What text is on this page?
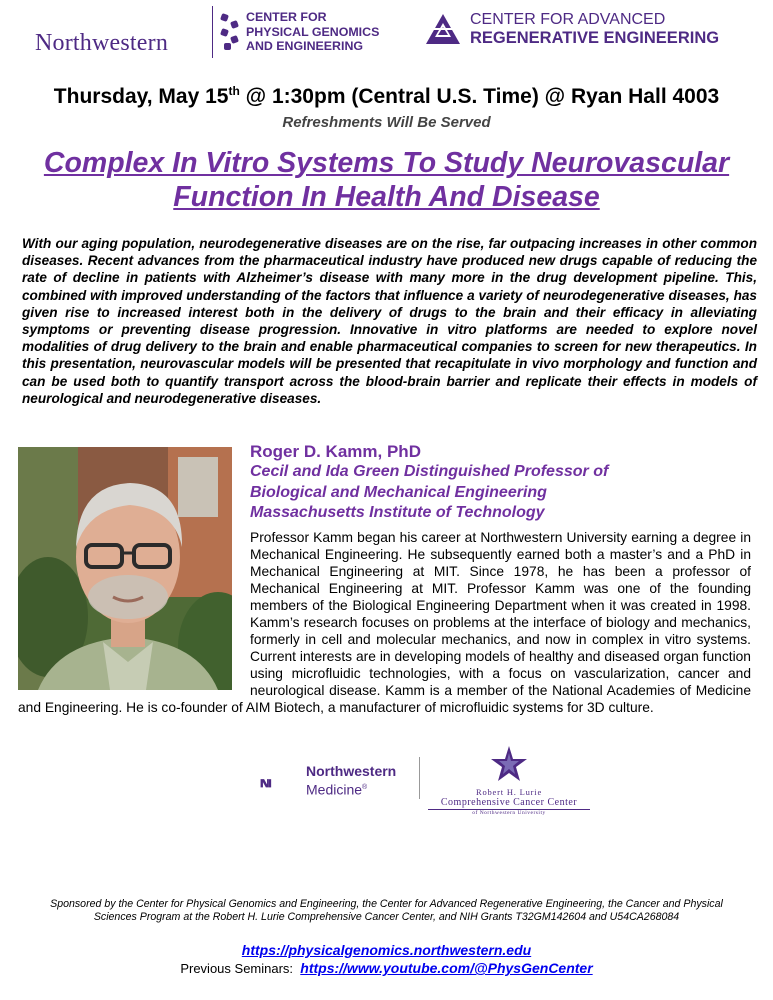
Northwestern
CENTER FOR
PHYSICAL GENOMICS
AND ENGINEERING
CENTER FOR ADVANCED
REGENERATIVE ENGINEERING
Thursday, May 15th @ 1:30pm (Central U.S. Time) @ Ryan Hall 4003
Refreshments Will Be Served
Complex In Vitro Systems To Study Neurovascular Function In Health And Disease
With our aging population, neurodegenerative diseases are on the rise, far outpacing increases in other common diseases. Recent advances from the pharmaceutical industry have produced new drugs capable of reducing the rate of decline in patients with Alzheimer’s disease with many more in the drug development pipeline. This, combined with improved understanding of the factors that influence a variety of neurodegenerative diseases, has given rise to increased interest both in the delivery of drugs to the brain and their efficacy in alleviating symptoms or preventing disease progression. Innovative in vitro platforms are needed to explore novel modalities of drug delivery to the brain and enable pharmaceutical companies to screen for new therapeutics. In this presentation, neurovascular models will be presented that recapitulate in vivo morphology and function and can be used both to quantify transport across the blood-brain barrier and replicate their effects in models of neurological and neurodegenerative diseases.
Roger D. Kamm, PhD
Cecil and Ida Green Distinguished Professor of
Biological and Mechanical Engineering
Massachusetts Institute of Technology
Professor Kamm began his career at Northwestern University earning a degree in Mechanical Engineering. He subsequently earned both a master’s and a PhD in Mechanical Engineering at MIT. Since 1978, he has been a professor of Mechanical Engineering at MIT. Professor Kamm was one of the founding members of the Biological Engineering Department when it was created in 1998. Kamm’s research focuses on problems at the interface of biology and mechanics, formerly in cell and molecular mechanics, and now in complex in vitro systems. Current interests are in developing models of healthy and diseased organ function using microfluidic technologies, with a focus on vascularization, cancer and neurological disease. Kamm is a member of the National Academies of Medicine and Engineering. He is co-founder of AIM Biotech, a manufacturer of microfluidic systems for 3D culture.
Northwestern
Medicine®	Robert H. Lurie
Comprehensive Cancer Center
of Northwestern University
Sponsored by the Center for Physical Genomics and Engineering, the Center for Advanced Regenerative Engineering, the Cancer and Physical Sciences Program at the Robert H. Lurie Comprehensive Cancer Center, and NIH Grants T32GM142604 and U54CA268084
https://physicalgenomics.northwestern.edu
Previous Seminars: https://www.youtube.com/@PhysGenCenter
